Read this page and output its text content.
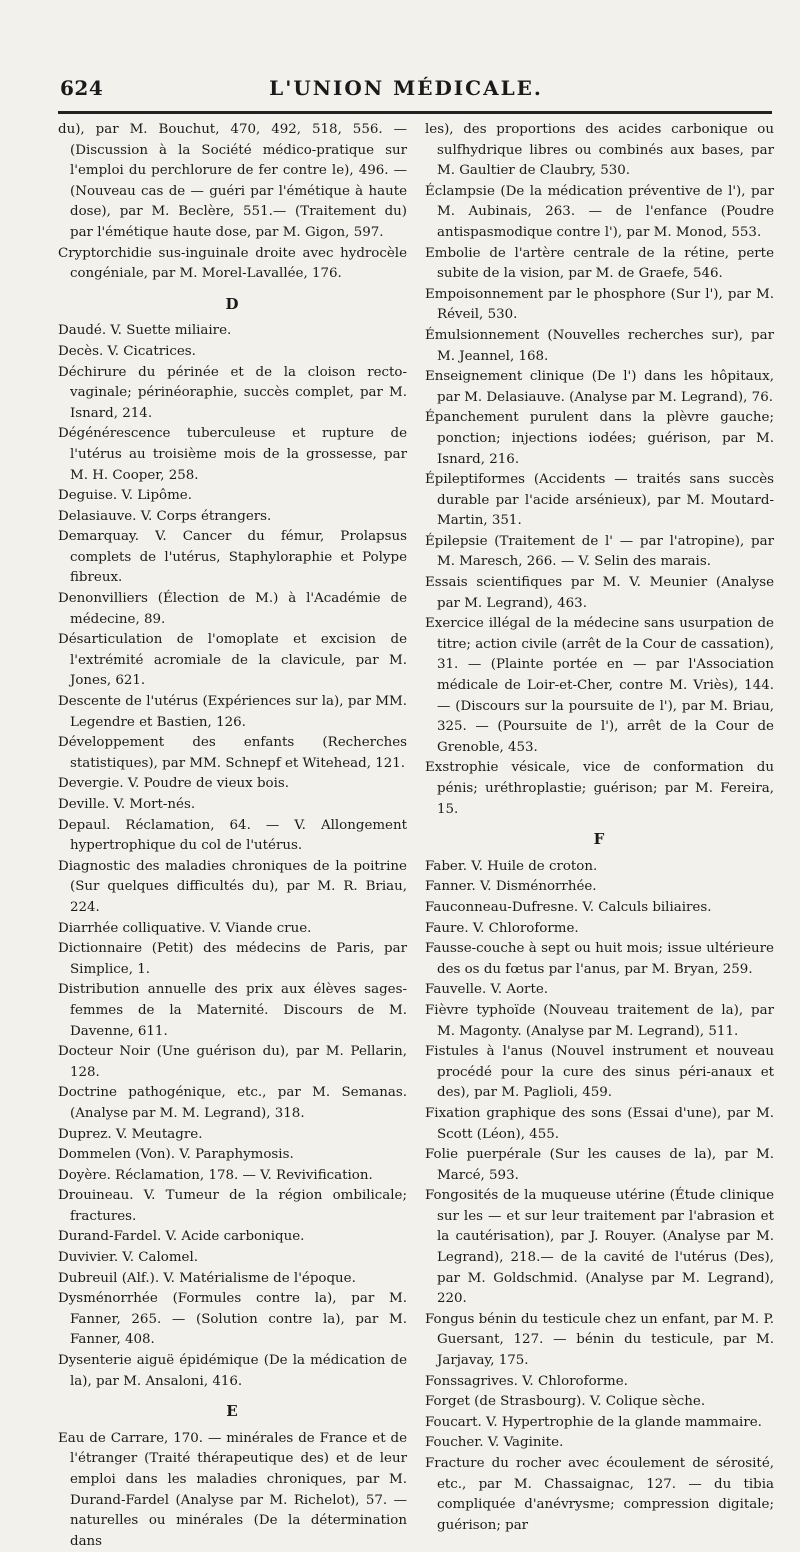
624	L'UNION MÉDICALE.

du), par M. Bouchut, 470, 492, 518, 556. — (Discussion à la Société médico-pratique sur l'emploi du perchlorure de fer contre le), 496. — (Nouveau cas de — guéri par l'émétique à haute dose), par M. Beclère, 551.— (Traitement du) par l'émétique haute dose, par M. Gigon, 597.

Cryptorchidie sus-inguinale droite avec hydrocèle congéniale, par M. Morel-Lavallée, 176.

D

Daudé. V. Suette miliaire.

Decès. V. Cicatrices.

Déchirure du périnée et de la cloison recto-vaginale; périnéoraphie, succès complet, par M. Isnard, 214.

Dégénérescence tuberculeuse et rupture de l'utérus au troisième mois de la grossesse, par M. H. Cooper, 258.

Deguise. V. Lipôme.

Delasiauve. V. Corps étrangers.

Demarquay. V. Cancer du fémur, Prolapsus complets de l'utérus, Staphyloraphie et Polype fibreux.

Denonvilliers (Élection de M.) à l'Académie de médecine, 89.

Désarticulation de l'omoplate et excision de l'extrémité acromiale de la clavicule, par M. Jones, 621.

Descente de l'utérus (Expériences sur la), par MM. Legendre et Bastien, 126.

Développement des enfants (Recherches statistiques), par MM. Schnepf et Witehead, 121.

Devergie. V. Poudre de vieux bois.

Deville. V. Mort-nés.

Depaul. Réclamation, 64. — V. Allongement hypertrophique du col de l'utérus.

Diagnostic des maladies chroniques de la poitrine (Sur quelques difficultés du), par M. R. Briau, 224.

Diarrhée colliquative. V. Viande crue.

Dictionnaire (Petit) des médecins de Paris, par Simplice, 1.

Distribution annuelle des prix aux élèves sages-femmes de la Maternité. Discours de M. Davenne, 611.

Docteur Noir (Une guérison du), par M. Pellarin, 128.

Doctrine pathogénique, etc., par M. Semanas. (Analyse par M. M. Legrand), 318.

Duprez. V. Meutagre.

Dommelen (Von). V. Paraphymosis.

Doyère. Réclamation, 178. — V. Revivification.

Drouineau. V. Tumeur de la région ombilicale; fractures.

Durand-Fardel. V. Acide carbonique.

Duvivier. V. Calomel.

Dubreuil (Alf.). V. Matérialisme de l'époque.

Dysménorrhée (Formules contre la), par M. Fanner, 265. — (Solution contre la), par M. Fanner, 408.

Dysenterie aiguë épidémique (De la médication de la), par M. Ansaloni, 416.

E

Eau de Carrare, 170. — minérales de France et de l'étranger (Traité thérapeutique des) et de leur emploi dans les maladies chroniques, par M. Durand-Fardel (Analyse par M. Richelot), 57. — naturelles ou minérales (De la détermination dans

les), des proportions des acides carbonique ou sulfhydrique libres ou combinés aux bases, par M. Gaultier de Claubry, 530.

Éclampsie (De la médication préventive de l'), par M. Aubinais, 263. — de l'enfance (Poudre antispasmodique contre l'), par M. Monod, 553.

Embolie de l'artère centrale de la rétine, perte subite de la vision, par M. de Graefe, 546.

Empoisonnement par le phosphore (Sur l'), par M. Réveil, 530.

Émulsionnement (Nouvelles recherches sur), par M. Jeannel, 168.

Enseignement clinique (De l') dans les hôpitaux, par M. Delasiauve. (Analyse par M. Legrand), 76.

Épanchement purulent dans la plèvre gauche; ponction; injections iodées; guérison, par M. Isnard, 216.

Épileptiformes (Accidents — traités sans succès durable par l'acide arsénieux), par M. Moutard-Martin, 351.

Épilepsie (Traitement de l' — par l'atropine), par M. Maresch, 266. — V. Selin des marais.

Essais scientifiques par M. V. Meunier (Analyse par M. Legrand), 463.

Exercice illégal de la médecine sans usurpation de titre; action civile (arrêt de la Cour de cassation), 31. — (Plainte portée en — par l'Association médicale de Loir-et-Cher, contre M. Vriès), 144. — (Discours sur la poursuite de l'), par M. Briau, 325. — (Poursuite de l'), arrêt de la Cour de Grenoble, 453.

Exstrophie vésicale, vice de conformation du pénis; uréthroplastie; guérison; par M. Fereira, 15.

F

Faber. V. Huile de croton.

Fanner. V. Disménorrhée.

Fauconneau-Dufresne. V. Calculs biliaires.

Faure. V. Chloroforme.

Fausse-couche à sept ou huit mois; issue ultérieure des os du fœtus par l'anus, par M. Bryan, 259.

Fauvelle. V. Aorte.

Fièvre typhoïde (Nouveau traitement de la), par M. Magonty. (Analyse par M. Legrand), 511.

Fistules à l'anus (Nouvel instrument et nouveau procédé pour la cure des sinus péri-anaux et des), par M. Paglioli, 459.

Fixation graphique des sons (Essai d'une), par M. Scott (Léon), 455.

Folie puerpérale (Sur les causes de la), par M. Marcé, 593.

Fongosités de la muqueuse utérine (Étude clinique sur les — et sur leur traitement par l'abrasion et la cautérisation), par J. Rouyer. (Analyse par M. Legrand), 218.— de la cavité de l'utérus (Des), par M. Goldschmid. (Analyse par M. Legrand), 220.

Fongus bénin du testicule chez un enfant, par M. P. Guersant, 127. — bénin du testicule, par M. Jarjavay, 175.

Fonssagrives. V. Chloroforme.

Forget (de Strasbourg). V. Colique sèche.

Foucart. V. Hypertrophie de la glande mammaire.

Foucher. V. Vaginite.

Fracture du rocher avec écoulement de sérosité, etc., par M. Chassaignac, 127. — du tibia compliquée d'anévrysme; compression digitale; guérison; par
